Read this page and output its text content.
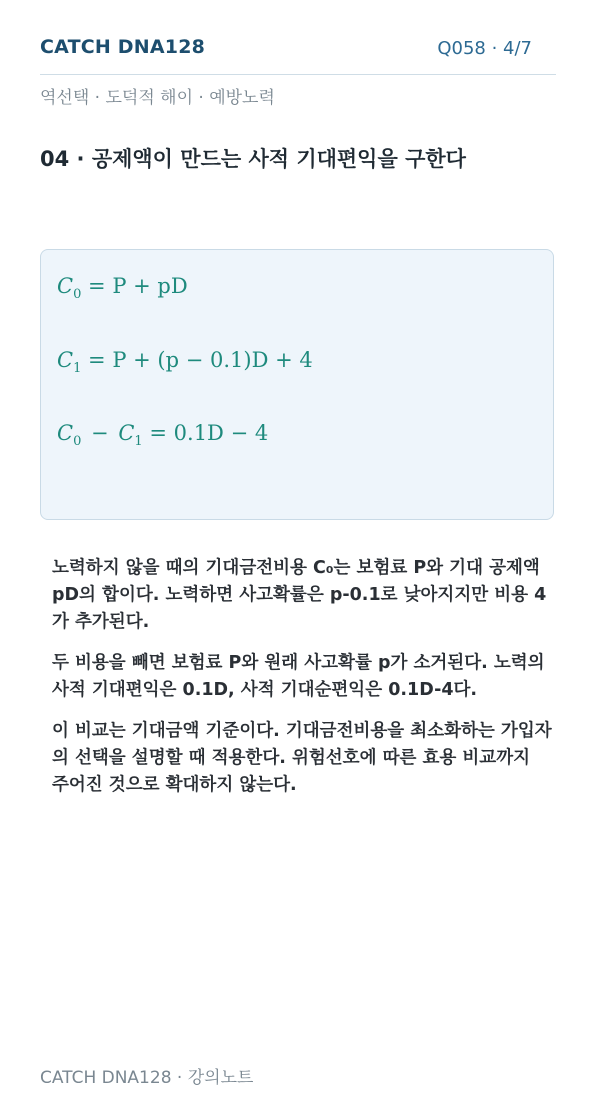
CATCH DNA128	Q058 · 4/7
역선택 · 도덕적 해이 · 예방노력
04 · 공제액이 만드는 사적 기대편익을 구한다
$C_0 = P$ + pD
$C_1 = P + (p - 0.1)D + 4$
$C_0 - C_1 = 0.1D - 4$
노력하지 않을 때의 기대금전비용 C₀는 보험료 P와 기대 공제액 pD의 합이다. 노력하면 사고확률은 p-0.1로 낮아지지만 비용 4가 추가된다.
두 비용을 빼면 보험료 P와 원래 사고확률 p가 소거된다. 노력의 사적 기대편익은 0.1D, 사적 기대순편익은 0.1D-4다.
이 비교는 기대금액 기준이다. 기대금전비용을 최소화하는 가입자의 선택을 설명할 때 적용한다. 위험선호에 따른 효용 비교까지 주어진 것으로 확대하지 않는다.
CATCH DNA128 · 강의노트
